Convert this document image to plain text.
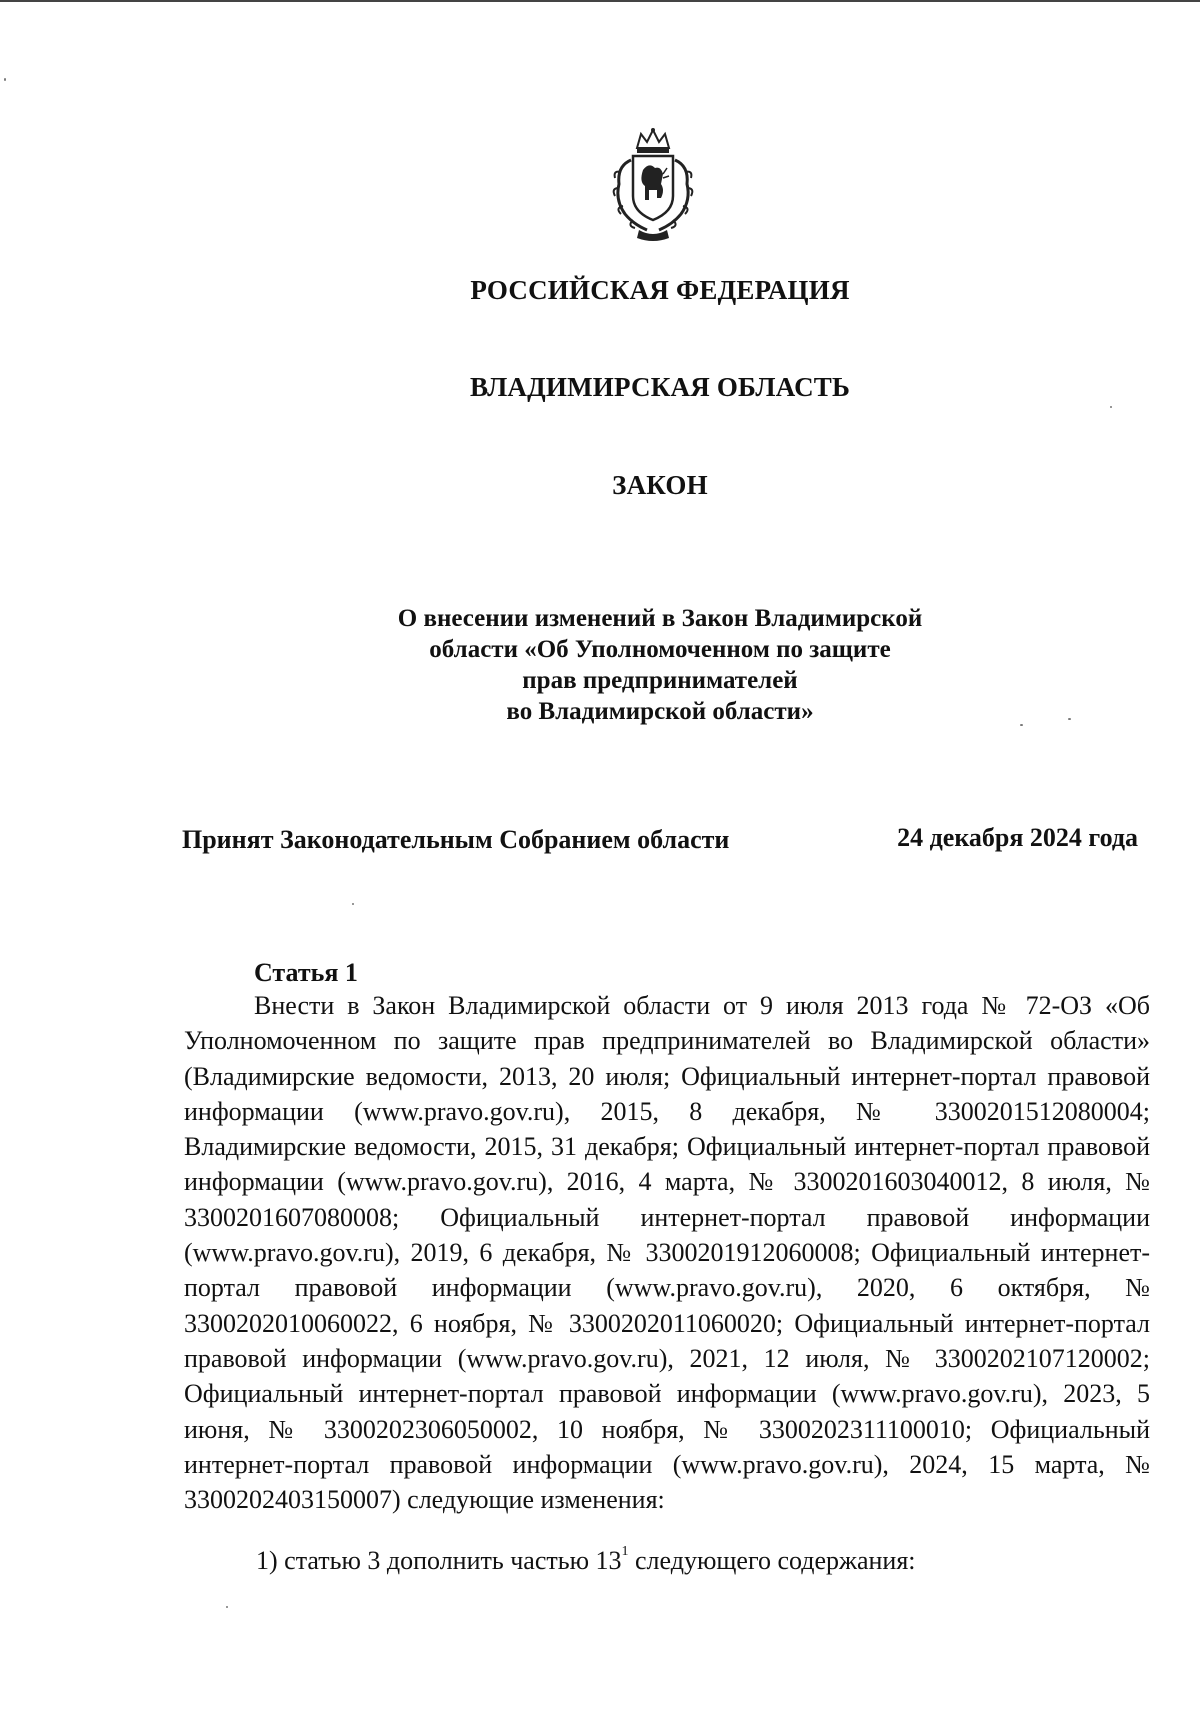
РОССИЙСКАЯ ФЕДЕРАЦИЯ
ВЛАДИМИРСКАЯ ОБЛАСТЬ
ЗАКОН
О внесении изменений в Закон Владимирской
области «Об Уполномоченном по защите
прав предпринимателей
во Владимирской области»
Принят Законодательным Собранием области	24 декабря 2024 года
Статья 1

Внести в Закон Владимирской области от 9 июля 2013 года № 72-ОЗ «Об Уполномоченном по защите прав предпринимателей во Владимирской области» (Владимирские ведомости, 2013, 20 июля; Официальный интернет-портал правовой информации (www.pravo.gov.ru), 2015, 8 декабря, № 3300201512080004; Владимирские ведомости, 2015, 31 декабря; Официальный интернет-портал правовой информации (www.pravo.gov.ru), 2016, 4 марта, № 3300201603040012, 8 июля, № 3300201607080008; Официальный интернет-портал правовой информации (www.pravo.gov.ru), 2019, 6 декабря, № 3300201912060008; Официальный интернет-портал правовой информации (www.pravo.gov.ru), 2020, 6 октября, № 3300202010060022, 6 ноября, № 3300202011060020; Официальный интернет-портал правовой информации (www.pravo.gov.ru), 2021, 12 июля, № 3300202107120002; Официальный интернет-портал правовой информации (www.pravo.gov.ru), 2023, 5 июня, № 3300202306050002, 10 ноября, № 3300202311100010; Официальный интернет-портал правовой информации (www.pravo.gov.ru), 2024, 15 марта, № 3300202403150007) следующие изменения:

1) статью 3 дополнить частью $13^1$ следующего содержания:
